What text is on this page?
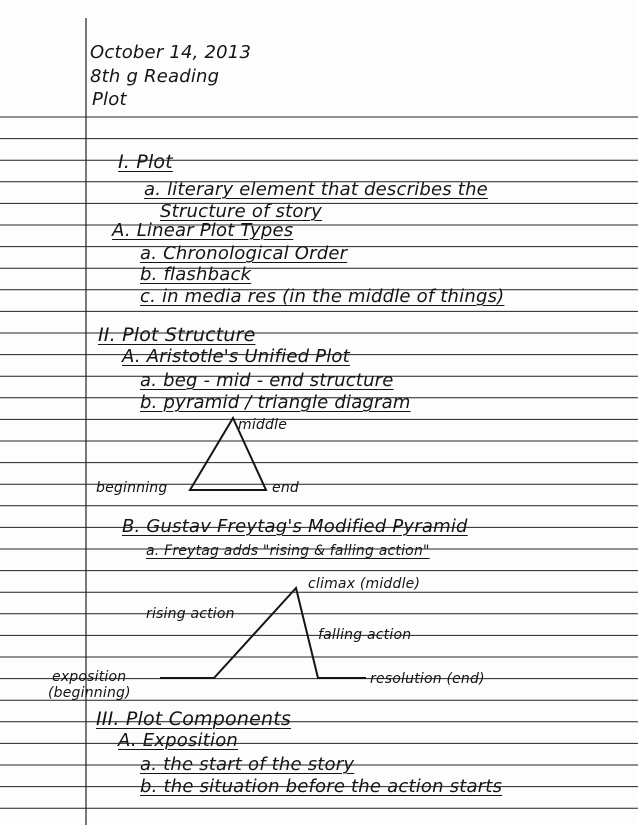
October 14, 2013
8th g Reading
Plot
I. Plot
a. literary element that describes the
Structure of story
A. Linear Plot Types
a. Chronological Order
b. flashback
c. in media res (in the middle of things)
II. Plot Structure
A. Aristotle's Unified Plot
a. beg - mid - end structure
b. pyramid / triangle diagram
middle
beginning	end
B. Gustav Freytag's Modified Pyramid
a. Freytag adds "rising & falling action"
climax (middle)
rising action
falling action
exposition
(beginning)
resolution (end)
III. Plot Components
A. Exposition
a. the start of the story
b. the situation before the action starts
